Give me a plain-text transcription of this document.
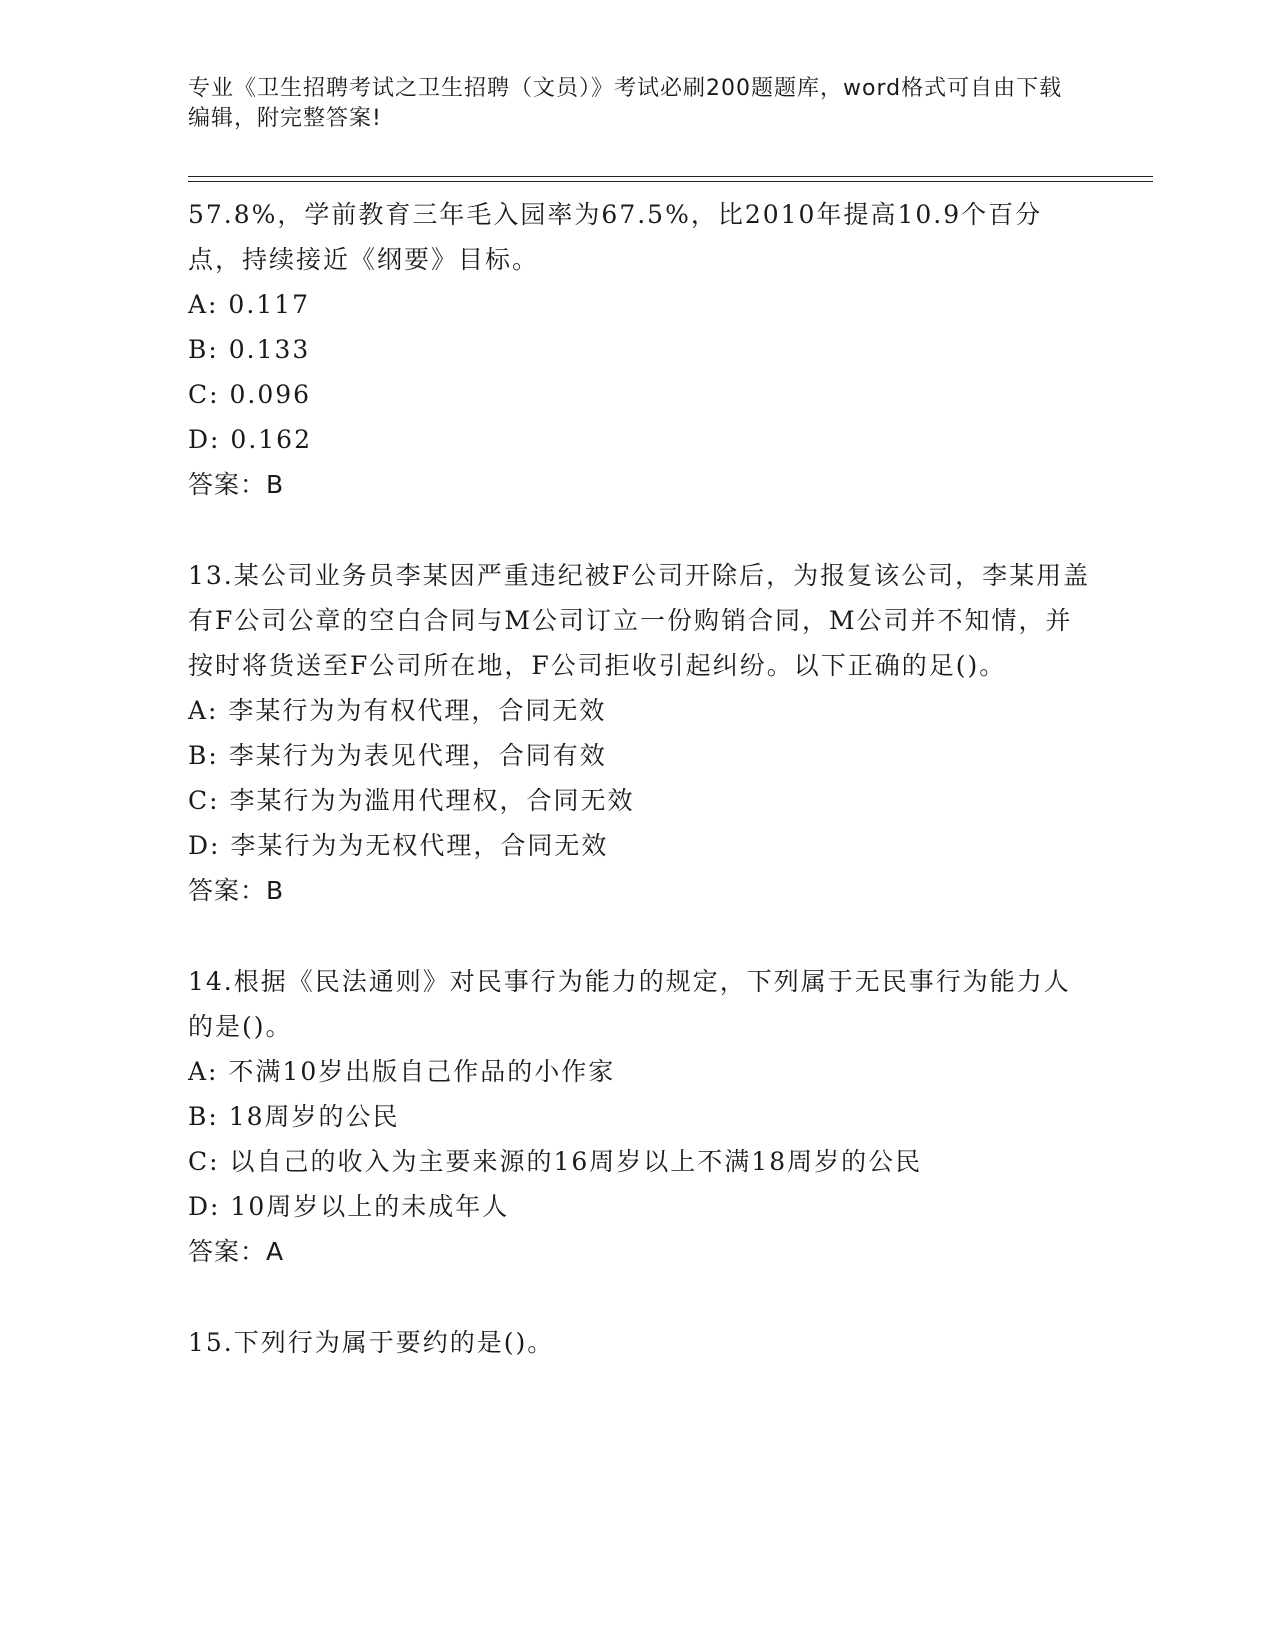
专业《卫生招聘考试之卫生招聘（文员）》考试必刷200题题库，word格式可自由下载编辑，附完整答案!

57.8%，学前教育三年毛入园率为67.5%，比2010年提高10.9个百分点，持续接近《纲要》目标。

A: 0.117

B: 0.133

C: 0.096

D: 0.162

答案：B

13.某公司业务员李某因严重违纪被F公司开除后，为报复该公司，李某用盖有F公司公章的空白合同与M公司订立一份购销合同，M公司并不知情，并按时将货送至F公司所在地，F公司拒收引起纠纷。以下正确的足()。

A: 李某行为为有权代理，合同无效

B: 李某行为为表见代理，合同有效

C: 李某行为为滥用代理权，合同无效

D: 李某行为为无权代理，合同无效

答案：B

14.根据《民法通则》对民事行为能力的规定，下列属于无民事行为能力人的是()。

A: 不满10岁出版自己作品的小作家

B: 18周岁的公民

C: 以自己的收入为主要来源的16周岁以上不满18周岁的公民

D: 10周岁以上的未成年人

答案：A

15.下列行为属于要约的是()。
